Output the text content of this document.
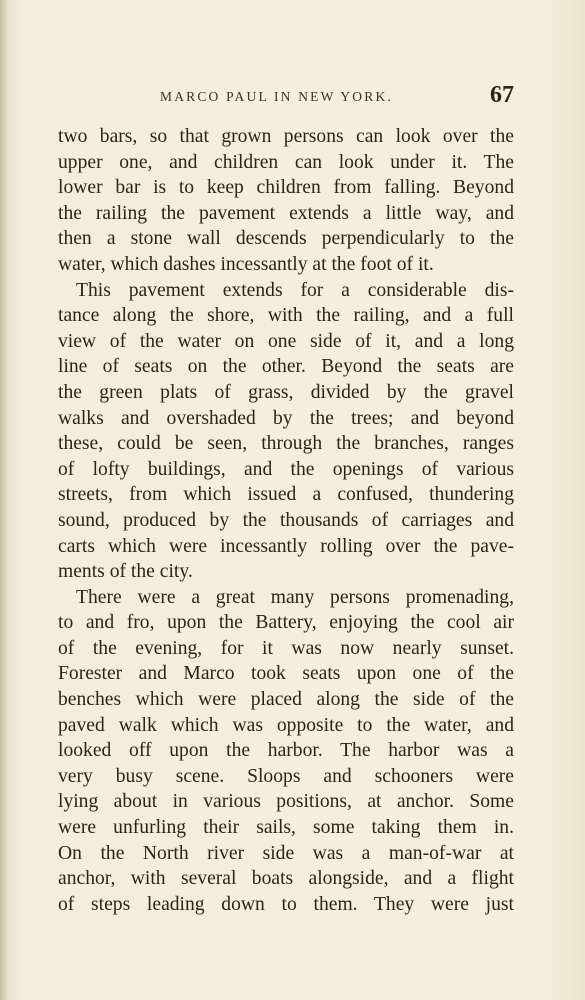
MARCO PAUL IN NEW YORK.	67
two bars, so that grown persons can look over the
upper one, and children can look under it. The
lower bar is to keep children from falling. Beyond
the railing the pavement extends a little way, and
then a stone wall descends perpendicularly to the
water, which dashes incessantly at the foot of it.
This pavement extends for a considerable dis-
tance along the shore, with the railing, and a full
view of the water on one side of it, and a long
line of seats on the other. Beyond the seats are
the green plats of grass, divided by the gravel
walks and overshaded by the trees; and beyond
these, could be seen, through the branches, ranges
of lofty buildings, and the openings of various
streets, from which issued a confused, thundering
sound, produced by the thousands of carriages and
carts which were incessantly rolling over the pave-
ments of the city.
There were a great many persons promenading,
to and fro, upon the Battery, enjoying the cool air
of the evening, for it was now nearly sunset.
Forester and Marco took seats upon one of the
benches which were placed along the side of the
paved walk which was opposite to the water, and
looked off upon the harbor. The harbor was a
very busy scene. Sloops and schooners were
lying about in various positions, at anchor. Some
were unfurling their sails, some taking them in.
On the North river side was a man-of-war at
anchor, with several boats alongside, and a flight
of steps leading down to them. They were just
